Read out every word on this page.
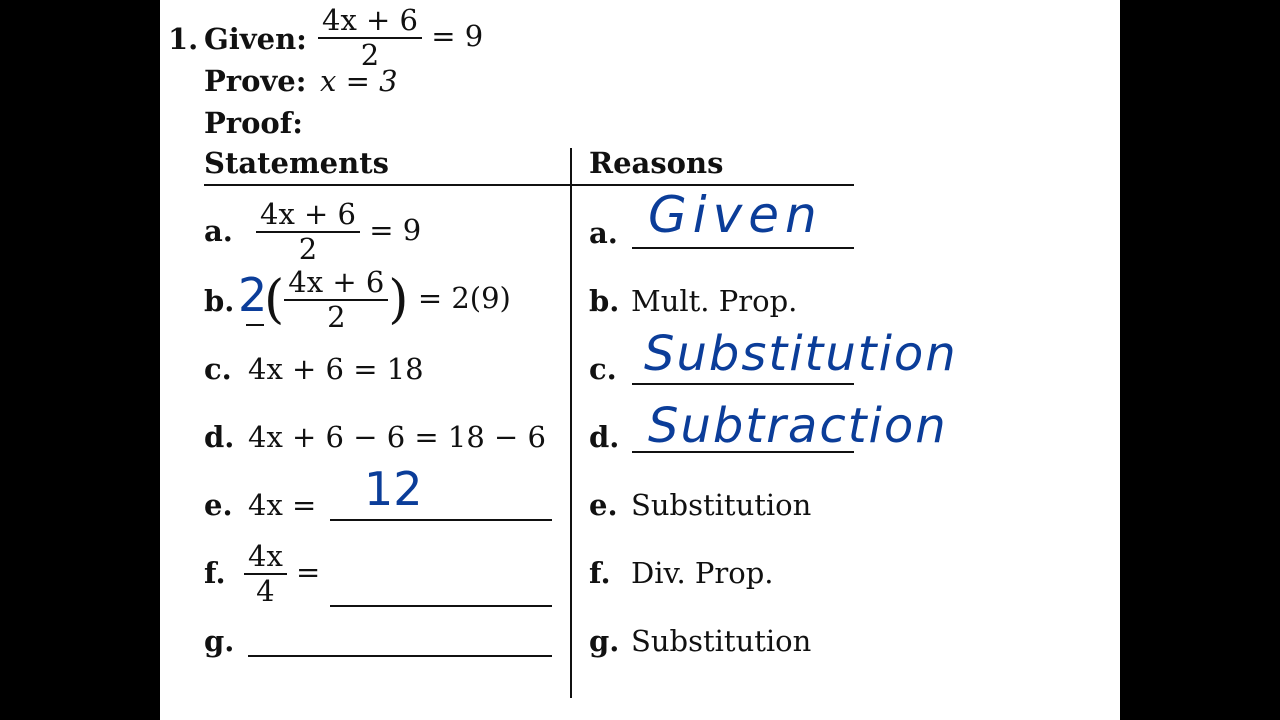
1. Given: $\frac{4x + 6}{2} = 9$
Prove: x = 3
Proof:
Statements	Reasons
a. $\frac{4x + 6}{2} = 9$
b. ( $\frac{4x + 6}{2}$ ) = 2(9)
2
c. 4x + 6 = 18
d. 4x + 6 − 6 = 18 − 6
e. 4x = 12
f. $\frac{4x}{4}$ =
g.
a. Given
b. Mult. Prop.
c. Substitution
d. Subtraction
e. Substitution
f. Div. Prop.
g. Substitution
